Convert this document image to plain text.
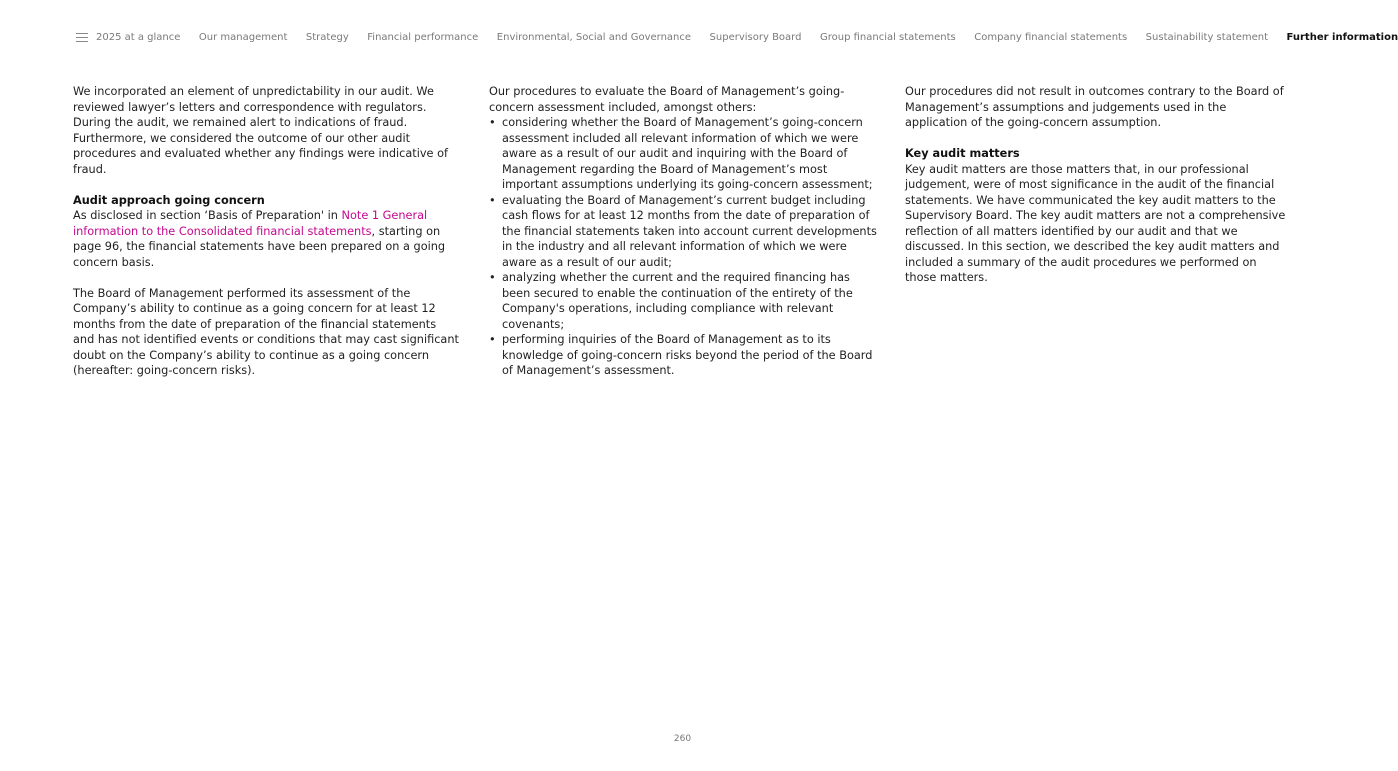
2025 at a glance Our management Strategy Financial performance Environmental, Social and Governance Supervisory Board Group financial statements Company financial statements Sustainability statement Further information

We incorporated an element of unpredictability in our audit. We reviewed lawyer’s letters and correspondence with regulators. During the audit, we remained alert to indications of fraud. Furthermore, we considered the outcome of our other audit procedures and evaluated whether any findings were indicative of fraud.

Audit approach going concern

As disclosed in section ‘Basis of Preparation' in Note 1 General information to the Consolidated financial statements, starting on page 96, the financial statements have been prepared on a going concern basis.

The Board of Management performed its assessment of the Company’s ability to continue as a going concern for at least 12 months from the date of preparation of the financial statements and has not identified events or conditions that may cast significant doubt on the Company’s ability to continue as a going concern (hereafter: going-concern risks).

Our procedures to evaluate the Board of Management’s going-concern assessment included, amongst others:
• considering whether the Board of Management’s going-concern assessment included all relevant information of which we were aware as a result of our audit and inquiring with the Board of Management regarding the Board of Management’s most important assumptions underlying its going-concern assessment;
• evaluating the Board of Management’s current budget including cash flows for at least 12 months from the date of preparation of the financial statements taken into account current developments in the industry and all relevant information of which we were aware as a result of our audit;
• analyzing whether the current and the required financing has been secured to enable the continuation of the entirety of the Company's operations, including compliance with relevant covenants;
• performing inquiries of the Board of Management as to its knowledge of going-concern risks beyond the period of the Board of Management’s assessment.

Our procedures did not result in outcomes contrary to the Board of Management’s assumptions and judgements used in the application of the going-concern assumption.

Key audit matters
Key audit matters are those matters that, in our professional judgement, were of most significance in the audit of the financial statements. We have communicated the key audit matters to the Supervisory Board. The key audit matters are not a comprehensive reflection of all matters identified by our audit and that we discussed. In this section, we described the key audit matters and included a summary of the audit procedures we performed on those matters.
260
